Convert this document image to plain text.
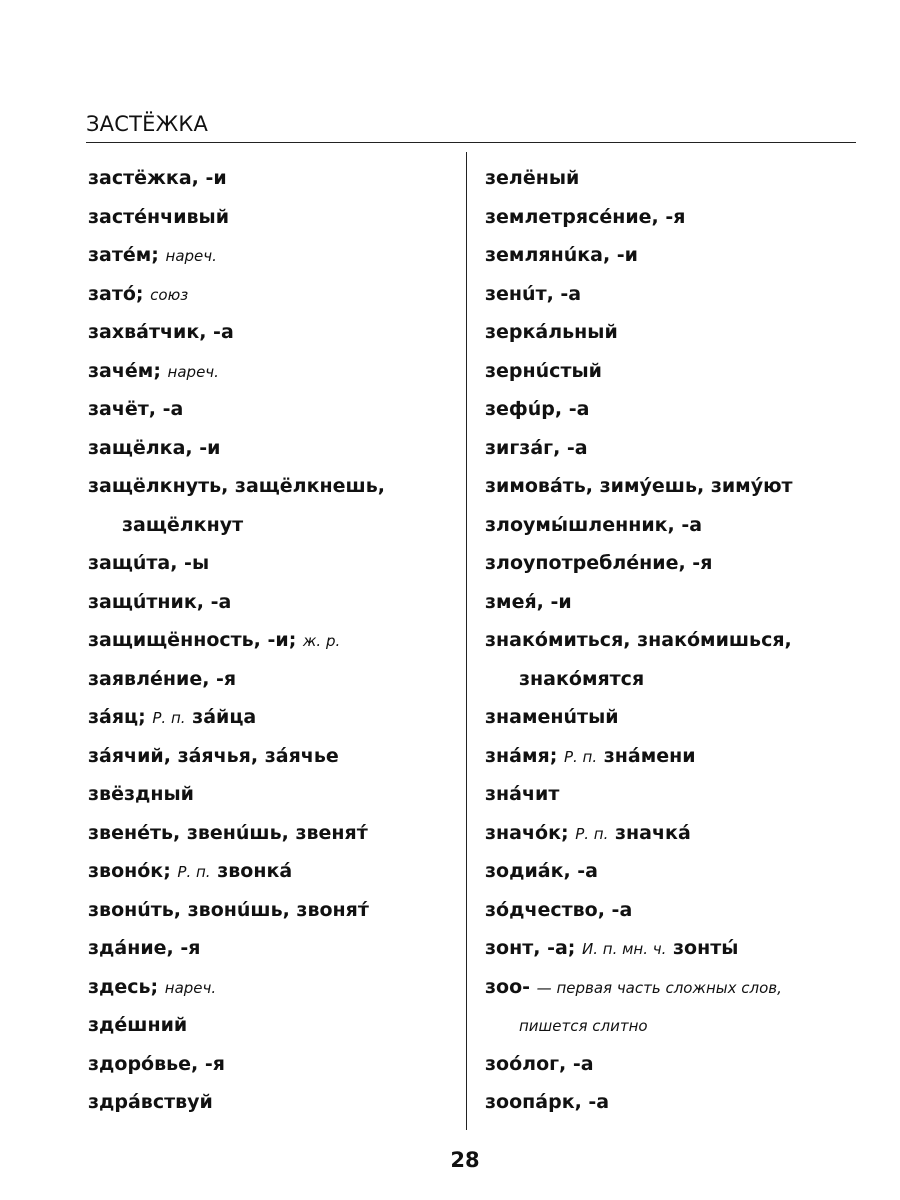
ЗАСТЁЖКА
застёжка, -и
застéнчивый
затéм; нареч.
затó; союз
захвáтчик, -а
зачéм; нареч.
зачёт, -а
защёлка, -и
защёлкнуть, защёлкнешь,
защёлкнут
защúта, -ы
защúтник, -а
защищённость, -и; ж. р.
заявлéние, -я
зáяц; Р. п. зáйца
зáячий, зáячья, зáячье
звёздный
звенéть, звенúшь, звенят́
звонóк; Р. п. звонкá
звонúть, звонúшь, звонят́
здáние, -я
здесь; нареч.
здéшний
здорóвье, -я
здрáвствуй
зелёный
землетрясéние, -я
землянúка, -и
зенúт, -а
зеркáльный
зернúстый
зефúр, -а
зигзáг, -а
зимовáть, зимýешь, зимýют
злоумы́шленник, -а
злоупотреблéние, -я
змея́, -и
знакóмиться, знакóмишься,
знакóмятся
знаменúтый
знáмя; Р. п. знáмени
знáчит
значóк; Р. п. значкá
зодиáк, -а
зóдчество, -а
зонт, -а; И. п. мн. ч. зонты́
зоо- — первая часть сложных слов,
пишется слитно
зоóлог, -а
зоопáрк, -а
28
